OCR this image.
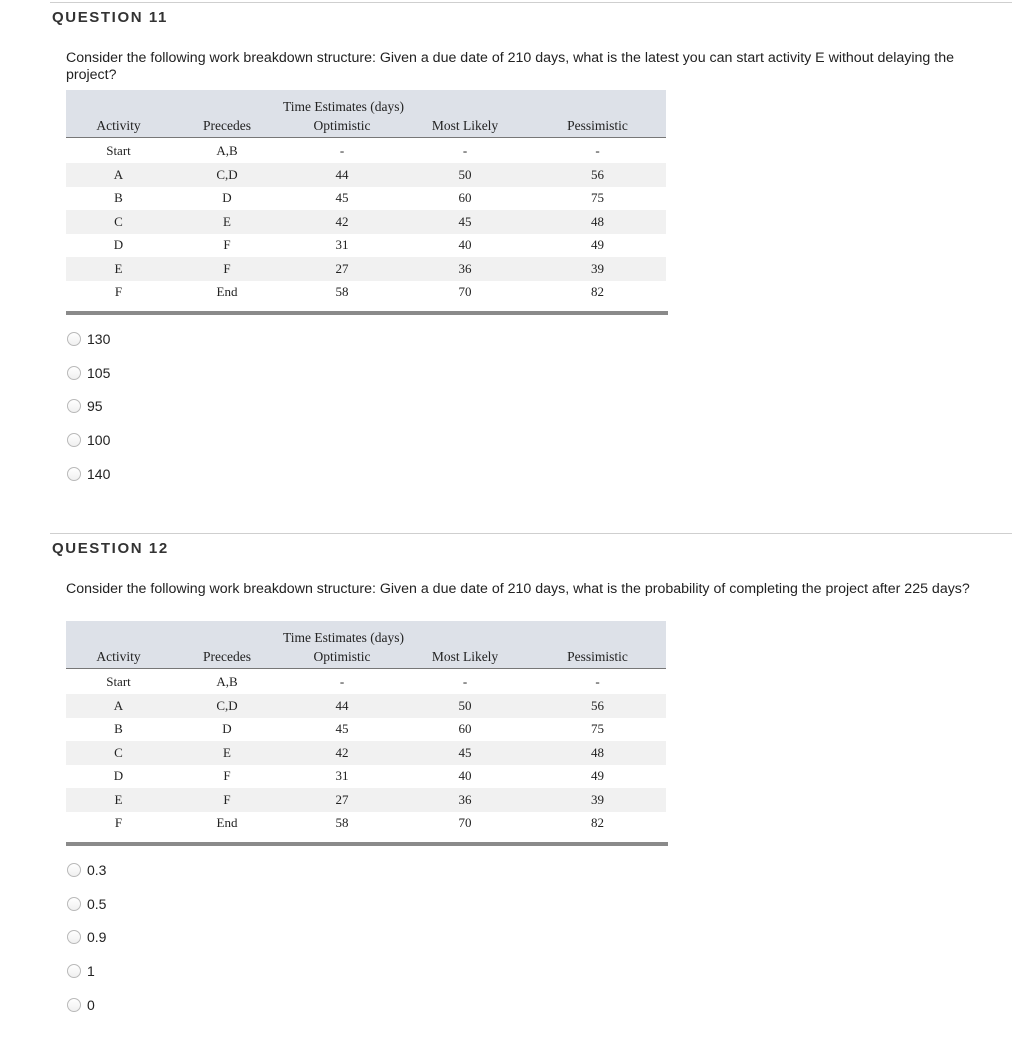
QUESTION 11
Consider the following work breakdown structure: Given a due date of 210 days, what is the latest you can start activity E without delaying the project?
		Time Estimates (days)		
Activity	Precedes	Optimistic	Most Likely	Pessimistic
Start	A,B	-	-	-
A	C,D	44	50	56
B	D	45	60	75
C	E	42	45	48
D	F	31	40	49
E	F	27	36	39
F	End	58	70	82
130
105
95
100
140
QUESTION 12
Consider the following work breakdown structure: Given a due date of 210 days, what is the probability of completing the project after 225 days?
		Time Estimates (days)		
Activity	Precedes	Optimistic	Most Likely	Pessimistic
Start	A,B	-	-	-
A	C,D	44	50	56
B	D	45	60	75
C	E	42	45	48
D	F	31	40	49
E	F	27	36	39
F	End	58	70	82
0.3
0.5
0.9
1
0
